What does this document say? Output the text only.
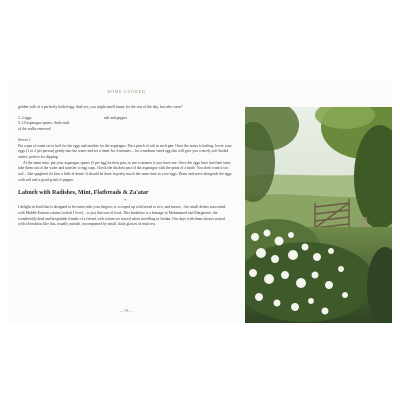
HOME COOKED

golden yolk of a perfectly boiled egg. And yes, you might smell funny for the rest of the day, but who cares?

1–2 eggs	salt and pepper
5–10 asparagus spears, thick ends
of the stalks removed

Serves 1

Put a pan of water on to boil for the eggs and another for the asparagus. Put a pinch of salt in each pan. Once the water is boiling, lower your eggs (1 or 2 per person) gently into the water and set a timer for 4 minutes – for a medium-sized egg this will give you a nicely soft-boiled centre, perfect for dipping.

At the same time, put your asparagus spears (5 per egg) in their pan, or use a steamer if you have one. Once the eggs have had their time, take them out of the water and transfer to egg cups. Check the thickest part of the asparagus with the point of a knife. You don't want it too soft – like spaghetti it's best a little al dente. It should be done in pretty much the same time as your eggs. Drain and serve alongside the eggs with salt and a good grind of pepper.

Labneh with Radishes, Mint, Flatbreads & Za'atar
❧

I delight in food that is designed to be eaten with your fingers, or scooped up with bread or rice, and mezze – the small dishes associated with Middle Eastern cuisine (which I love) – is just that sort of food. This breakfast is a homage to Mohammed and Margarette, the wonderfully kind and hospitable friends of a friend, with whom we stayed when travelling in Jordan. Our days with them always started with a breakfast like this, usually outside, accompanied by small, thick glasses of mint tea.

— 98 —
